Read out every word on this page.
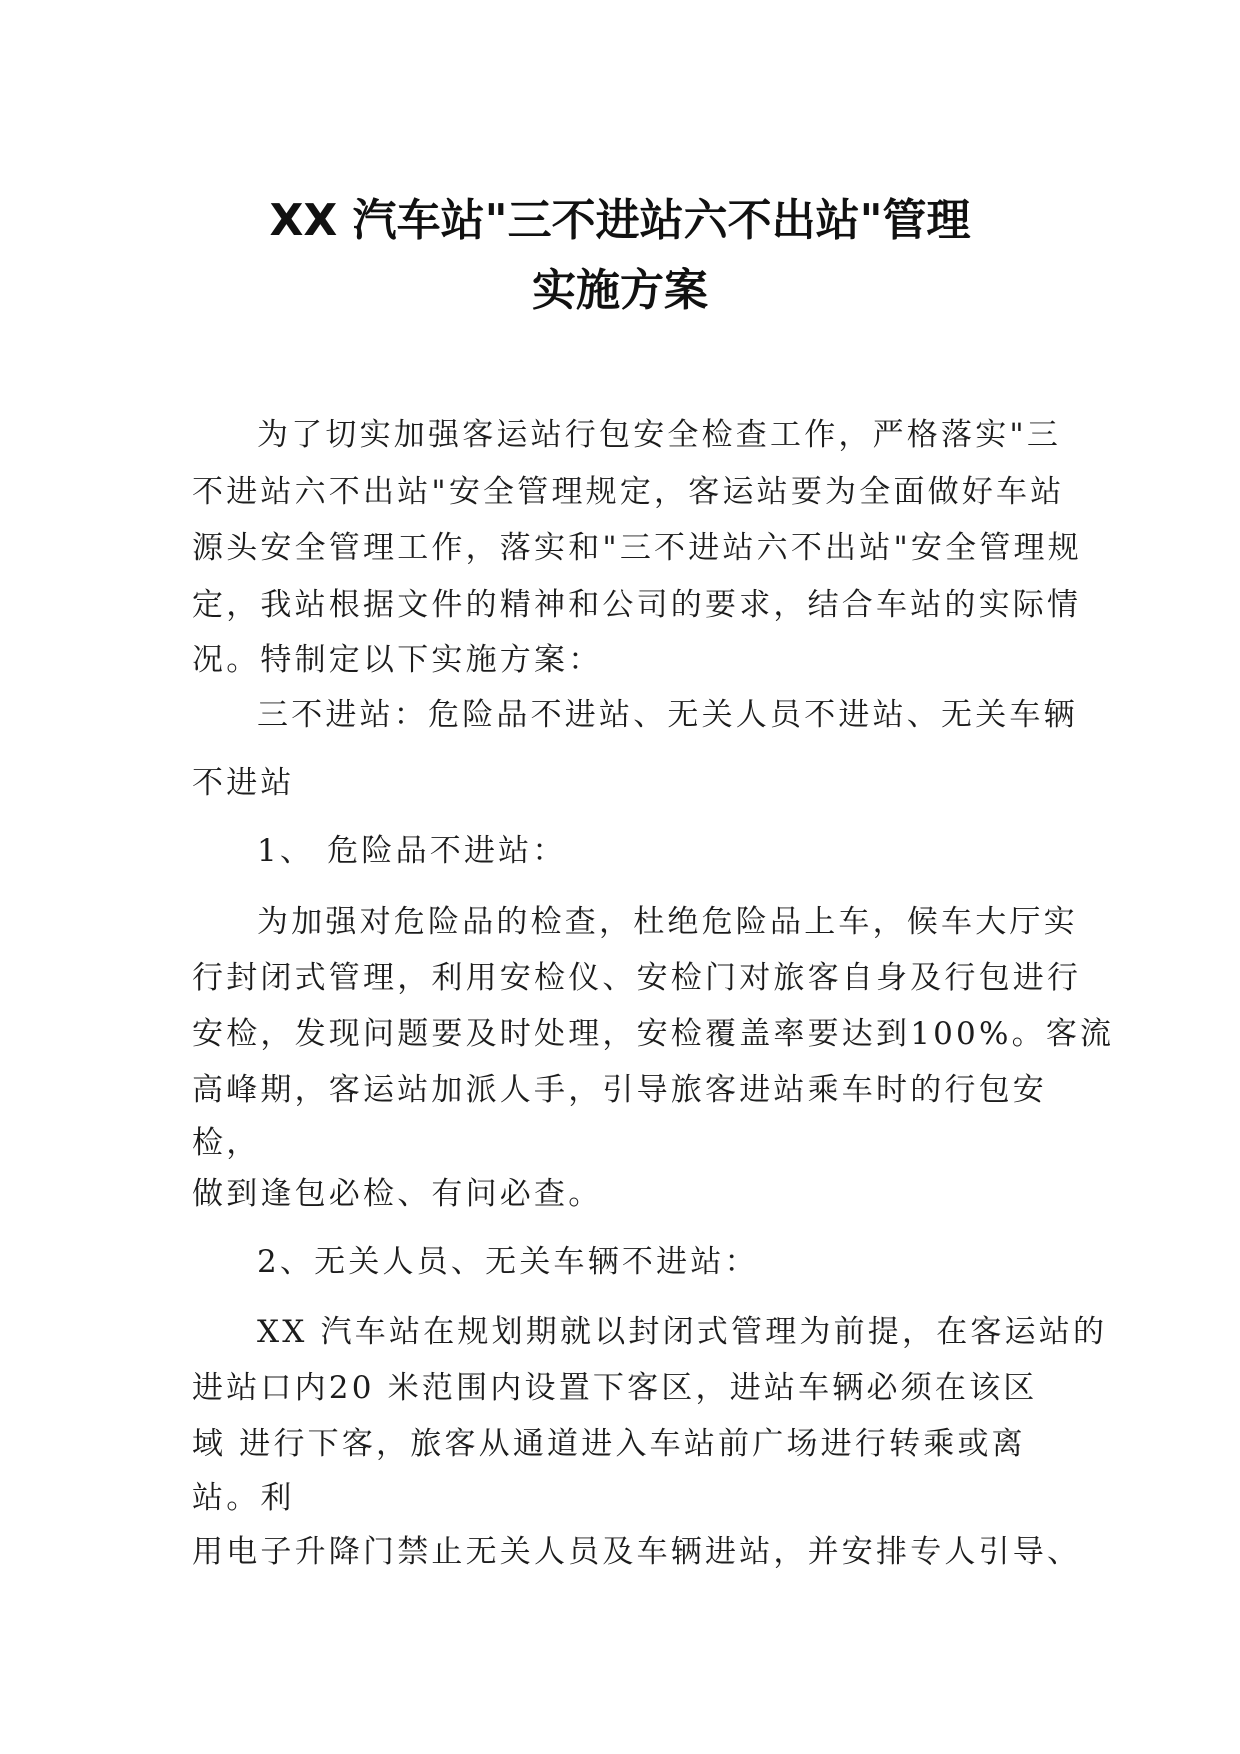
XX 汽车站"三不进站六不出站"管理
实施方案

为了切实加强客运站行包安全检查工作，严格落实"三

不进站六不出站"安全管理规定，客运站要为全面做好车站

源头安全管理工作，落实和"三不进站六不出站"安全管理规

定，我站根据文件的精神和公司的要求，结合车站的实际情

况。特制定以下实施方案：

三不进站：危险品不进站、无关人员不进站、无关车辆

不进站

1、 危险品不进站：

为加强对危险品的检查，杜绝危险品上车，候车大厅实

行封闭式管理，利用安检仪、安检门对旅客自身及行包进行

安检，发现问题要及时处理，安检覆盖率要达到100%。客流

高峰期，客运站加派人手，引导旅客进站乘车时的行包安

检，

做到逢包必检、有问必查。

2、无关人员、无关车辆不进站：

XX 汽车站在规划期就以封闭式管理为前提，在客运站的

进站口内20 米范围内设置下客区，进站车辆必须在该区

域 进行下客，旅客从通道进入车站前广场进行转乘或离

站。利

用电子升降门禁止无关人员及车辆进站，并安排专人引导、
